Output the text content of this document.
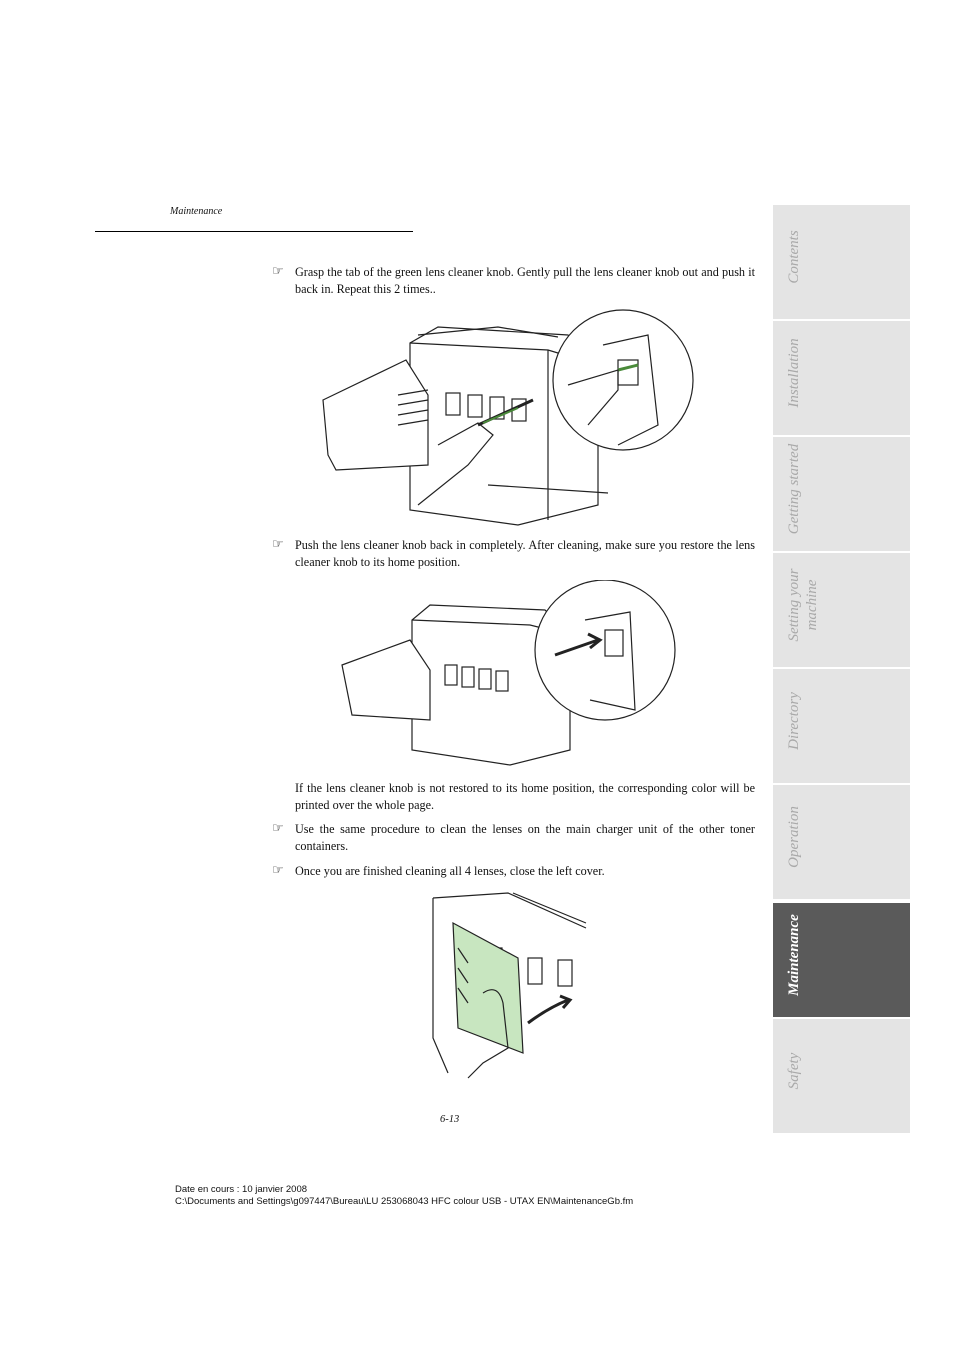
Maintenance
☞ Grasp the tab of the green lens cleaner knob. Gently pull the lens cleaner knob out and push it back in. Repeat this 2 times..
☞ Push the lens cleaner knob back in completely. After cleaning, make sure you restore the lens cleaner knob to its home position.
If the lens cleaner knob is not restored to its home position, the corresponding color will be printed over the whole page.
☞ Use the same procedure to clean the lenses on the main charger unit of the other toner containers.
☞ Once you are finished cleaning all 4 lenses, close the left cover.
6-13
Date en cours : 10 janvier 2008
C:\Documents and Settings\g097447\Bureau\LU 253068043 HFC colour USB - UTAX EN\MaintenanceGb.fm
Contents
Installation
Getting started
Setting your
machine
Directory
Operation
Maintenance
Safety
